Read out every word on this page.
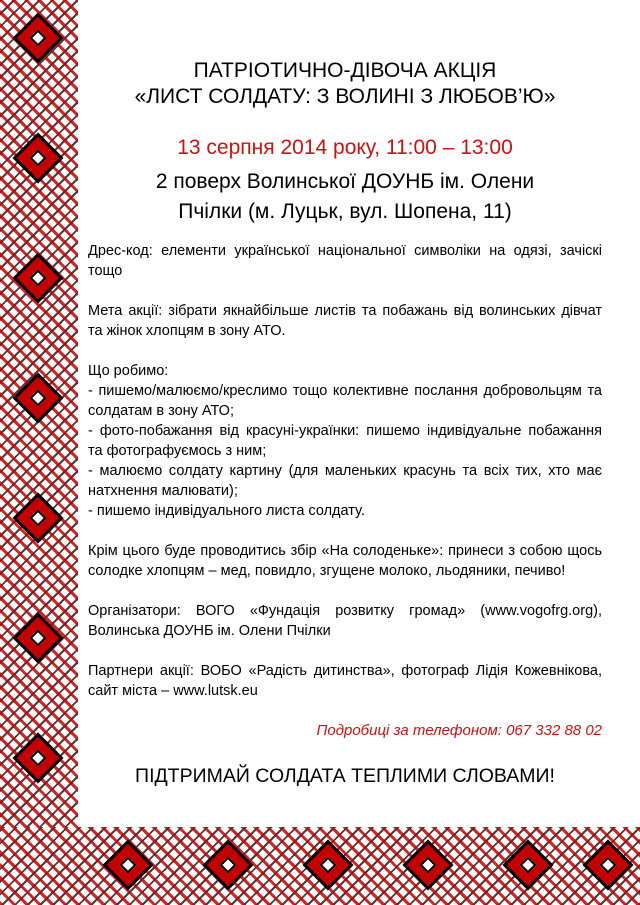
ПАТРІОТИЧНО-ДІВОЧА АКЦІЯ

«ЛИСТ СОЛДАТУ: З ВОЛИНІ З ЛЮБОВ’Ю»

13 серпня 2014 року, 11:00 – 13:00
2 поверх Волинської ДОУНБ ім. Олени
Пчілки (м. Луцьк, вул. Шопена, 11)
Дрес-код: елементи української національної символіки на одязі, зачіскі тощо
Мета акції: зібрати якнайбільше листів та побажань від волинських дівчат та жінок хлопцям в зону АТО.
Що робимо:
- пишемо/малюємо/креслимо тощо колективне послання добровольцям та солдатам в зону АТО;
- фото-побажання від красуні-українки: пишемо індивідуальне побажання та фотографуємось з ним;
- малюємо солдату картину (для маленьких красунь та всіх тих, хто має натхнення малювати);
- пишемо індивідуального листа солдату.
Крім цього буде проводитись збір «На солоденьке»: принеси з собою щось солодке хлопцям – мед, повидло, згущене молоко, льодяники, печиво!
Організатори: ВОГО «Фундація розвитку громад» (www.vogofrg.org), Волинська ДОУНБ ім. Олени Пчілки
Партнери акції: ВОБО «Радість дитинства», фотограф Лідія Кожевнікова, сайт міста – www.lutsk.eu
Подробиці за телефоном: 067 332 88 02
ПІДТРИМАЙ СОЛДАТА ТЕПЛИМИ СЛОВАМИ!
